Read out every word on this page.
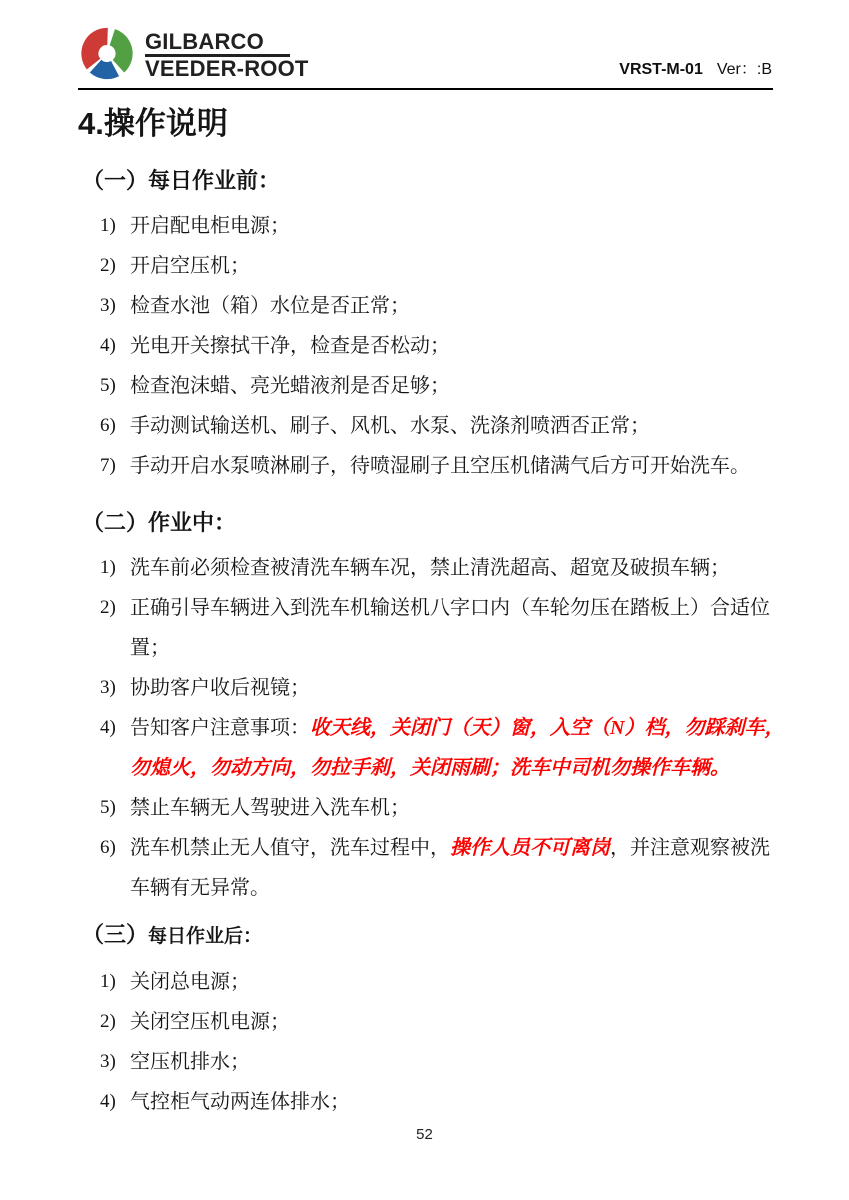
GILBARCO
VEEDER-ROOT	VRST-M-01 Ver：:B
4.操作说明
（一）每日作业前：
1) 开启配电柜电源；
2) 开启空压机；
3) 检查水池（箱）水位是否正常；
4) 光电开关擦拭干净，检查是否松动；
5) 检查泡沫蜡、亮光蜡液剂是否足够；
6) 手动测试输送机、刷子、风机、水泵、洗涤剂喷洒否正常；
7) 手动开启水泵喷淋刷子，待喷湿刷子且空压机储满气后方可开始洗车。
（二）作业中：
1) 洗车前必须检查被清洗车辆车况，禁止清洗超高、超宽及破损车辆；
2) 正确引导车辆进入到洗车机输送机八字口内（车轮勿压在踏板上）合适位
置；
3) 协助客户收后视镜；
4) 告知客户注意事项：收天线，关闭门（天）窗，入空（N）档，勿踩刹车，
勿熄火，勿动方向，勿拉手刹，关闭雨刷；洗车中司机勿操作车辆。
5) 禁止车辆无人驾驶进入洗车机；
6) 洗车机禁止无人值守，洗车过程中，操作人员不可离岗，并注意观察被洗
车辆有无异常。
（三）每日作业后：
1) 关闭总电源；
2) 关闭空压机电源；
3) 空压机排水；
4) 气控柜气动两连体排水；
52
